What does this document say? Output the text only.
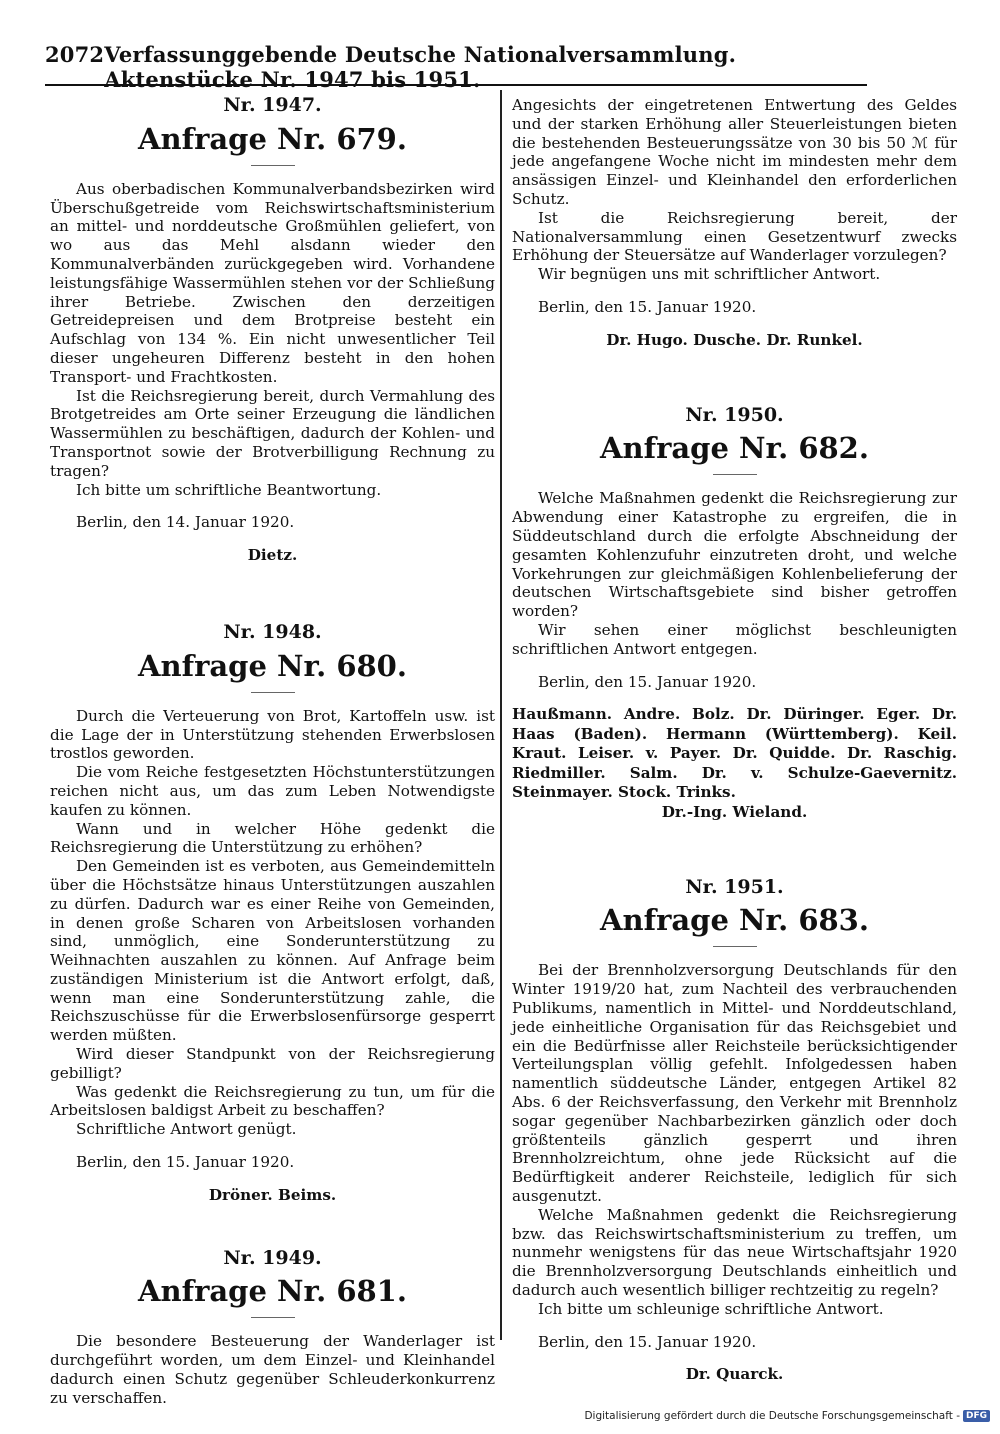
2072 Verfassunggebende Deutsche Nationalversammlung. Aktenstücke Nr. 1947 bis 1951.

Nr. 1947.

Anfrage Nr. 679.

Aus oberbadischen Kommunalverbandsbezirken wird Überschußgetreide vom Reichswirtschaftsministerium an mittel- und norddeutsche Großmühlen geliefert, von wo aus das Mehl alsdann wieder den Kommunalverbänden zurückgegeben wird. Vorhandene leistungsfähige Wassermühlen stehen vor der Schließung ihrer Betriebe. Zwischen den derzeitigen Getreidepreisen und dem Brotpreise besteht ein Aufschlag von 134 %. Ein nicht unwesentlicher Teil dieser ungeheuren Differenz besteht in den hohen Transport- und Frachtkosten.

Ist die Reichsregierung bereit, durch Vermahlung des Brotgetreides am Orte seiner Erzeugung die ländlichen Wassermühlen zu beschäftigen, dadurch der Kohlen- und Transportnot sowie der Brotverbilligung Rechnung zu tragen?

Ich bitte um schriftliche Beantwortung.

Berlin, den 14. Januar 1920.

Dietz.

Nr. 1948.

Anfrage Nr. 680.

Durch die Verteuerung von Brot, Kartoffeln usw. ist die Lage der in Unterstützung stehenden Erwerbslosen trostlos geworden.

Die vom Reiche festgesetzten Höchstunterstützungen reichen nicht aus, um das zum Leben Notwendigste kaufen zu können.

Wann und in welcher Höhe gedenkt die Reichsregierung die Unterstützung zu erhöhen?

Den Gemeinden ist es verboten, aus Gemeindemitteln über die Höchstsätze hinaus Unterstützungen auszahlen zu dürfen. Dadurch war es einer Reihe von Gemeinden, in denen große Scharen von Arbeitslosen vorhanden sind, unmöglich, eine Sonderunterstützung zu Weihnachten auszahlen zu können. Auf Anfrage beim zuständigen Ministerium ist die Antwort erfolgt, daß, wenn man eine Sonderunterstützung zahle, die Reichszuschüsse für die Erwerbslosenfürsorge gesperrt werden müßten.

Wird dieser Standpunkt von der Reichsregierung gebilligt?

Was gedenkt die Reichsregierung zu tun, um für die Arbeitslosen baldigst Arbeit zu beschaffen?

Schriftliche Antwort genügt.

Berlin, den 15. Januar 1920.

Dröner. Beims.

Nr. 1949.

Anfrage Nr. 681.

Die besondere Besteuerung der Wanderlager ist durchgeführt worden, um dem Einzel- und Kleinhandel dadurch einen Schutz gegenüber Schleuderkonkurrenz zu verschaffen.

Angesichts der eingetretenen Entwertung des Geldes und der starken Erhöhung aller Steuerleistungen bieten die bestehenden Besteuerungssätze von 30 bis 50 ℳ für jede angefangene Woche nicht im mindesten mehr dem ansässigen Einzel- und Kleinhandel den erforderlichen Schutz.

Ist die Reichsregierung bereit, der Nationalversammlung einen Gesetzentwurf zwecks Erhöhung der Steuersätze auf Wanderlager vorzulegen?

Wir begnügen uns mit schriftlicher Antwort.

Berlin, den 15. Januar 1920.

Dr. Hugo. Dusche. Dr. Runkel.

Nr. 1950.

Anfrage Nr. 682.

Welche Maßnahmen gedenkt die Reichsregierung zur Abwendung einer Katastrophe zu ergreifen, die in Süddeutschland durch die erfolgte Abschneidung der gesamten Kohlenzufuhr einzutreten droht, und welche Vorkehrungen zur gleichmäßigen Kohlenbelieferung der deutschen Wirtschaftsgebiete sind bisher getroffen worden?

Wir sehen einer möglichst beschleunigten schriftlichen Antwort entgegen.

Berlin, den 15. Januar 1920.

Haußmann. Andre. Bolz. Dr. Düringer. Eger. Dr. Haas (Baden). Hermann (Württemberg). Keil. Kraut. Leiser. v. Payer. Dr. Quidde. Dr. Raschig. Riedmiller. Salm. Dr. v. Schulze-Gaevernitz. Steinmayer. Stock. Trinks.

Dr.-Ing. Wieland.

Nr. 1951.

Anfrage Nr. 683.

Bei der Brennholzversorgung Deutschlands für den Winter 1919/20 hat, zum Nachteil des verbrauchenden Publikums, namentlich in Mittel- und Norddeutschland, jede einheitliche Organisation für das Reichsgebiet und ein die Bedürfnisse aller Reichsteile berücksichtigender Verteilungsplan völlig gefehlt. Infolgedessen haben namentlich süddeutsche Länder, entgegen Artikel 82 Abs. 6 der Reichsverfassung, den Verkehr mit Brennholz sogar gegenüber Nachbarbezirken gänzlich oder doch größtenteils gänzlich gesperrt und ihren Brennholzreichtum, ohne jede Rücksicht auf die Bedürftigkeit anderer Reichsteile, lediglich für sich ausgenutzt.

Welche Maßnahmen gedenkt die Reichsregierung bzw. das Reichswirtschaftsministerium zu treffen, um nunmehr wenigstens für das neue Wirtschaftsjahr 1920 die Brennholzversorgung Deutschlands einheitlich und dadurch auch wesentlich billiger rechtzeitig zu regeln?

Ich bitte um schleunige schriftliche Antwort.

Berlin, den 15. Januar 1920.

Dr. Quarck.

Digitalisierung gefördert durch die Deutsche Forschungsgemeinschaft - DFG
